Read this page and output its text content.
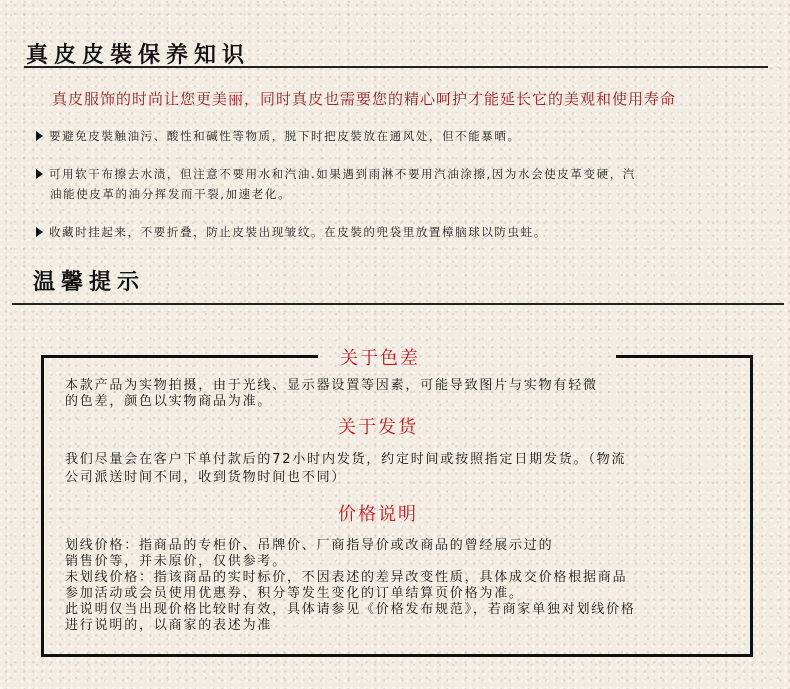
真皮皮裝保养知识
真皮服饰的时尚让您更美丽，同时真皮也需要您的精心呵护才能延长它的美观和使用寿命
要避免皮裝触油污、酸性和碱性等物质，脱下时把皮裝放在通风处，但不能暴晒。
可用软干布擦去水渍，但注意不要用水和汽油.如果遇到雨淋不要用汽油涂擦,因为水会使皮革变硬，汽
油能使皮革的油分挥发而干裂,加速老化。
收藏时挂起来，不要折叠，防止皮裝出现皱纹。在皮裝的兜袋里放置樟脑球以防虫蛀。
温馨提示
关于色差
本款产品为实物拍摄，由于光线、显示器设置等因素，可能导致图片与实物有轻微
的色差，颜色以实物商品为准。
关于发货
我们尽量会在客户下单付款后的72小时内发货，约定时间或按照指定日期发货。（物流
公司派送时间不同，收到货物时间也不同）
价格说明
划线价格：指商品的专柜价、吊牌价、厂商指导价或改商品的曾经展示过的
销售价等，并未原价，仅供参考。
未划线价格：指该商品的实时标价，不因表述的差异改变性质，具体成交价格根据商品
参加活动或会员使用优惠券、积分等发生变化的订单结算页价格为准。
此说明仅当出现价格比较时有效，具体请参见《价格发布规范》，若商家单独对划线价格
进行说明的，以商家的表述为准
